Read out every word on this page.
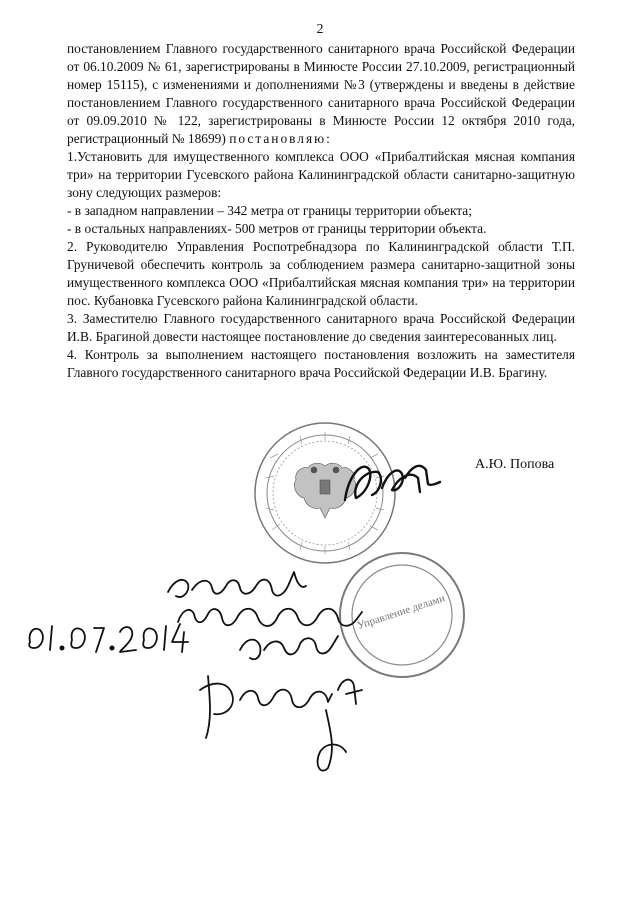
2

постановлением Главного государственного санитарного врача Российской Федерации от 06.10.2009 № 61, зарегистрированы в Минюсте России 27.10.2009, регистрационный номер 15115), с изменениями и дополнениями №3 (утверждены и введены в действие постановлением Главного государственного санитарного врача Российской Федерации от 09.09.2010 № 122, зарегистрированы в Минюсте России 12 октября 2010 года, регистрационный № 18699) постановляю:

1.Установить для имущественного комплекса ООО «Прибалтийская мясная компания три» на территории Гусевского района Калининградской области санитарно-защитную зону следующих размеров:

- в западном направлении – 342 метра от границы территории объекта;

- в остальных направлениях- 500 метров от границы территории объекта.

2. Руководителю Управления Роспотребнадзора по Калининградской области Т.П. Груничевой обеспечить контроль за соблюдением размера санитарно-защитной зоны имущественного комплекса ООО «Прибалтийская мясная компания три» на территории пос. Кубановка Гусевского района Калининградской области.

3. Заместителю Главного государственного санитарного врача Российской Федерации И.В. Брагиной довести настоящее постановление до сведения заинтересованных лиц.

4. Контроль за выполнением настоящего постановления возложить на заместителя Главного государственного санитарного врача Российской Федерации И.В. Брагину.

А.Ю. Попова
Управление делами
01.07.2014
